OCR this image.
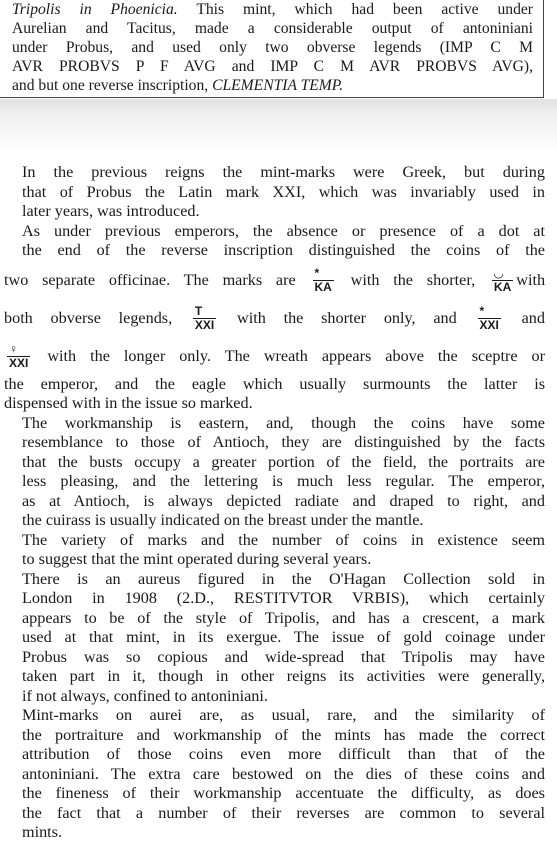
Tripolis in Phoenicia. This mint, which had been active under
Aurelian and Tacitus, made a considerable output of antoniniani
under Probus, and used only two obverse legends (IMP C M
AVR PROBVS P F AVG and IMP C M AVR PROBVS AVG),
and but one reverse inscription, CLEMENTIA TEMP.

In the previous reigns the mint-marks were Greek, but during
that of Probus the Latin mark XXI, which was invariably used in
later years, was introduced.

As under previous emperors, the absence or presence of a dot at
the end of the reverse inscription distinguished the coins of the
two separate officinae. The marks are $\frac{*}{KA}$ with the shorter, $\frac{◡}{KA}$ with
both obverse legends, $\frac{T}{\text{XXI}}$ with the shorter only, and $\frac{*}{\text{XXI}}$ and
$\frac{♀}{\text{XXI}}$ with the longer only. The wreath appears above the sceptre or
the emperor, and the eagle which usually surmounts the latter is
dispensed with in the issue so marked.

The workmanship is eastern, and, though the coins have some
resemblance to those of Antioch, they are distinguished by the facts
that the busts occupy a greater portion of the field, the portraits are
less pleasing, and the lettering is much less regular. The emperor,
as at Antioch, is always depicted radiate and draped to right, and
the cuirass is usually indicated on the breast under the mantle.

The variety of marks and the number of coins in existence seem
to suggest that the mint operated during several years.

There is an aureus figured in the O'Hagan Collection sold in
London in 1908 (2.D., RESTITVTOR VRBIS), which certainly
appears to be of the style of Tripolis, and has a crescent, a mark
used at that mint, in its exergue. The issue of gold coinage under
Probus was so copious and wide-spread that Tripolis may have
taken part in it, though in other reigns its activities were generally,
if not always, confined to antoniniani.

Mint-marks on aurei are, as usual, rare, and the similarity of
the portraiture and workmanship of the mints has made the correct
attribution of those coins even more difficult than that of the
antoniniani. The extra care bestowed on the dies of these coins and
the fineness of their workmanship accentuate the difficulty, as does
the fact that a number of their reverses are common to several
mints.
